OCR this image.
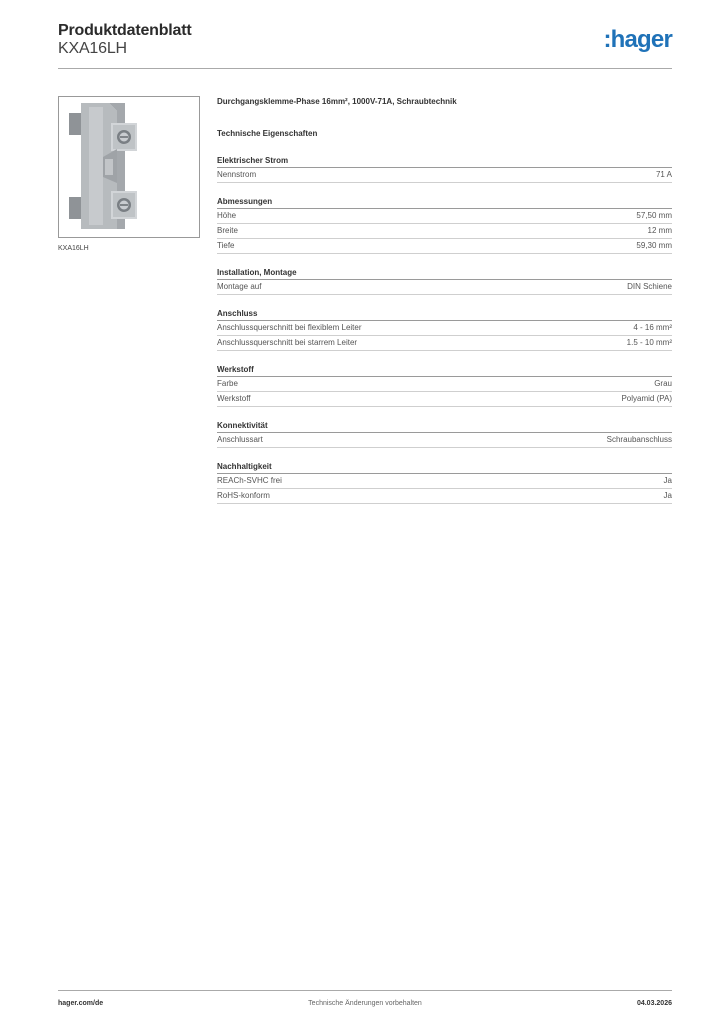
Produktdatenblatt
KXA16LH	:hager
KXA16LH
Durchgangsklemme-Phase 16mm², 1000V-71A, Schraubtechnik
Technische Eigenschaften
Elektrischer Strom
Nennstrom	71 A
Abmessungen
Höhe	57,50 mm
Breite	12 mm
Tiefe	59,30 mm
Installation, Montage
Montage auf	DIN Schiene
Anschluss
Anschlussquerschnitt bei flexiblem Leiter	4 - 16 mm²
Anschlussquerschnitt bei starrem Leiter	1.5 - 10 mm²
Werkstoff
Farbe	Grau
Werkstoff	Polyamid (PA)
Konnektivität
Anschlussart	Schraubanschluss
Nachhaltigkeit
REACh-SVHC frei	Ja
RoHS-konform	Ja
hager.com/de	Technische Änderungen vorbehalten	04.03.2026
